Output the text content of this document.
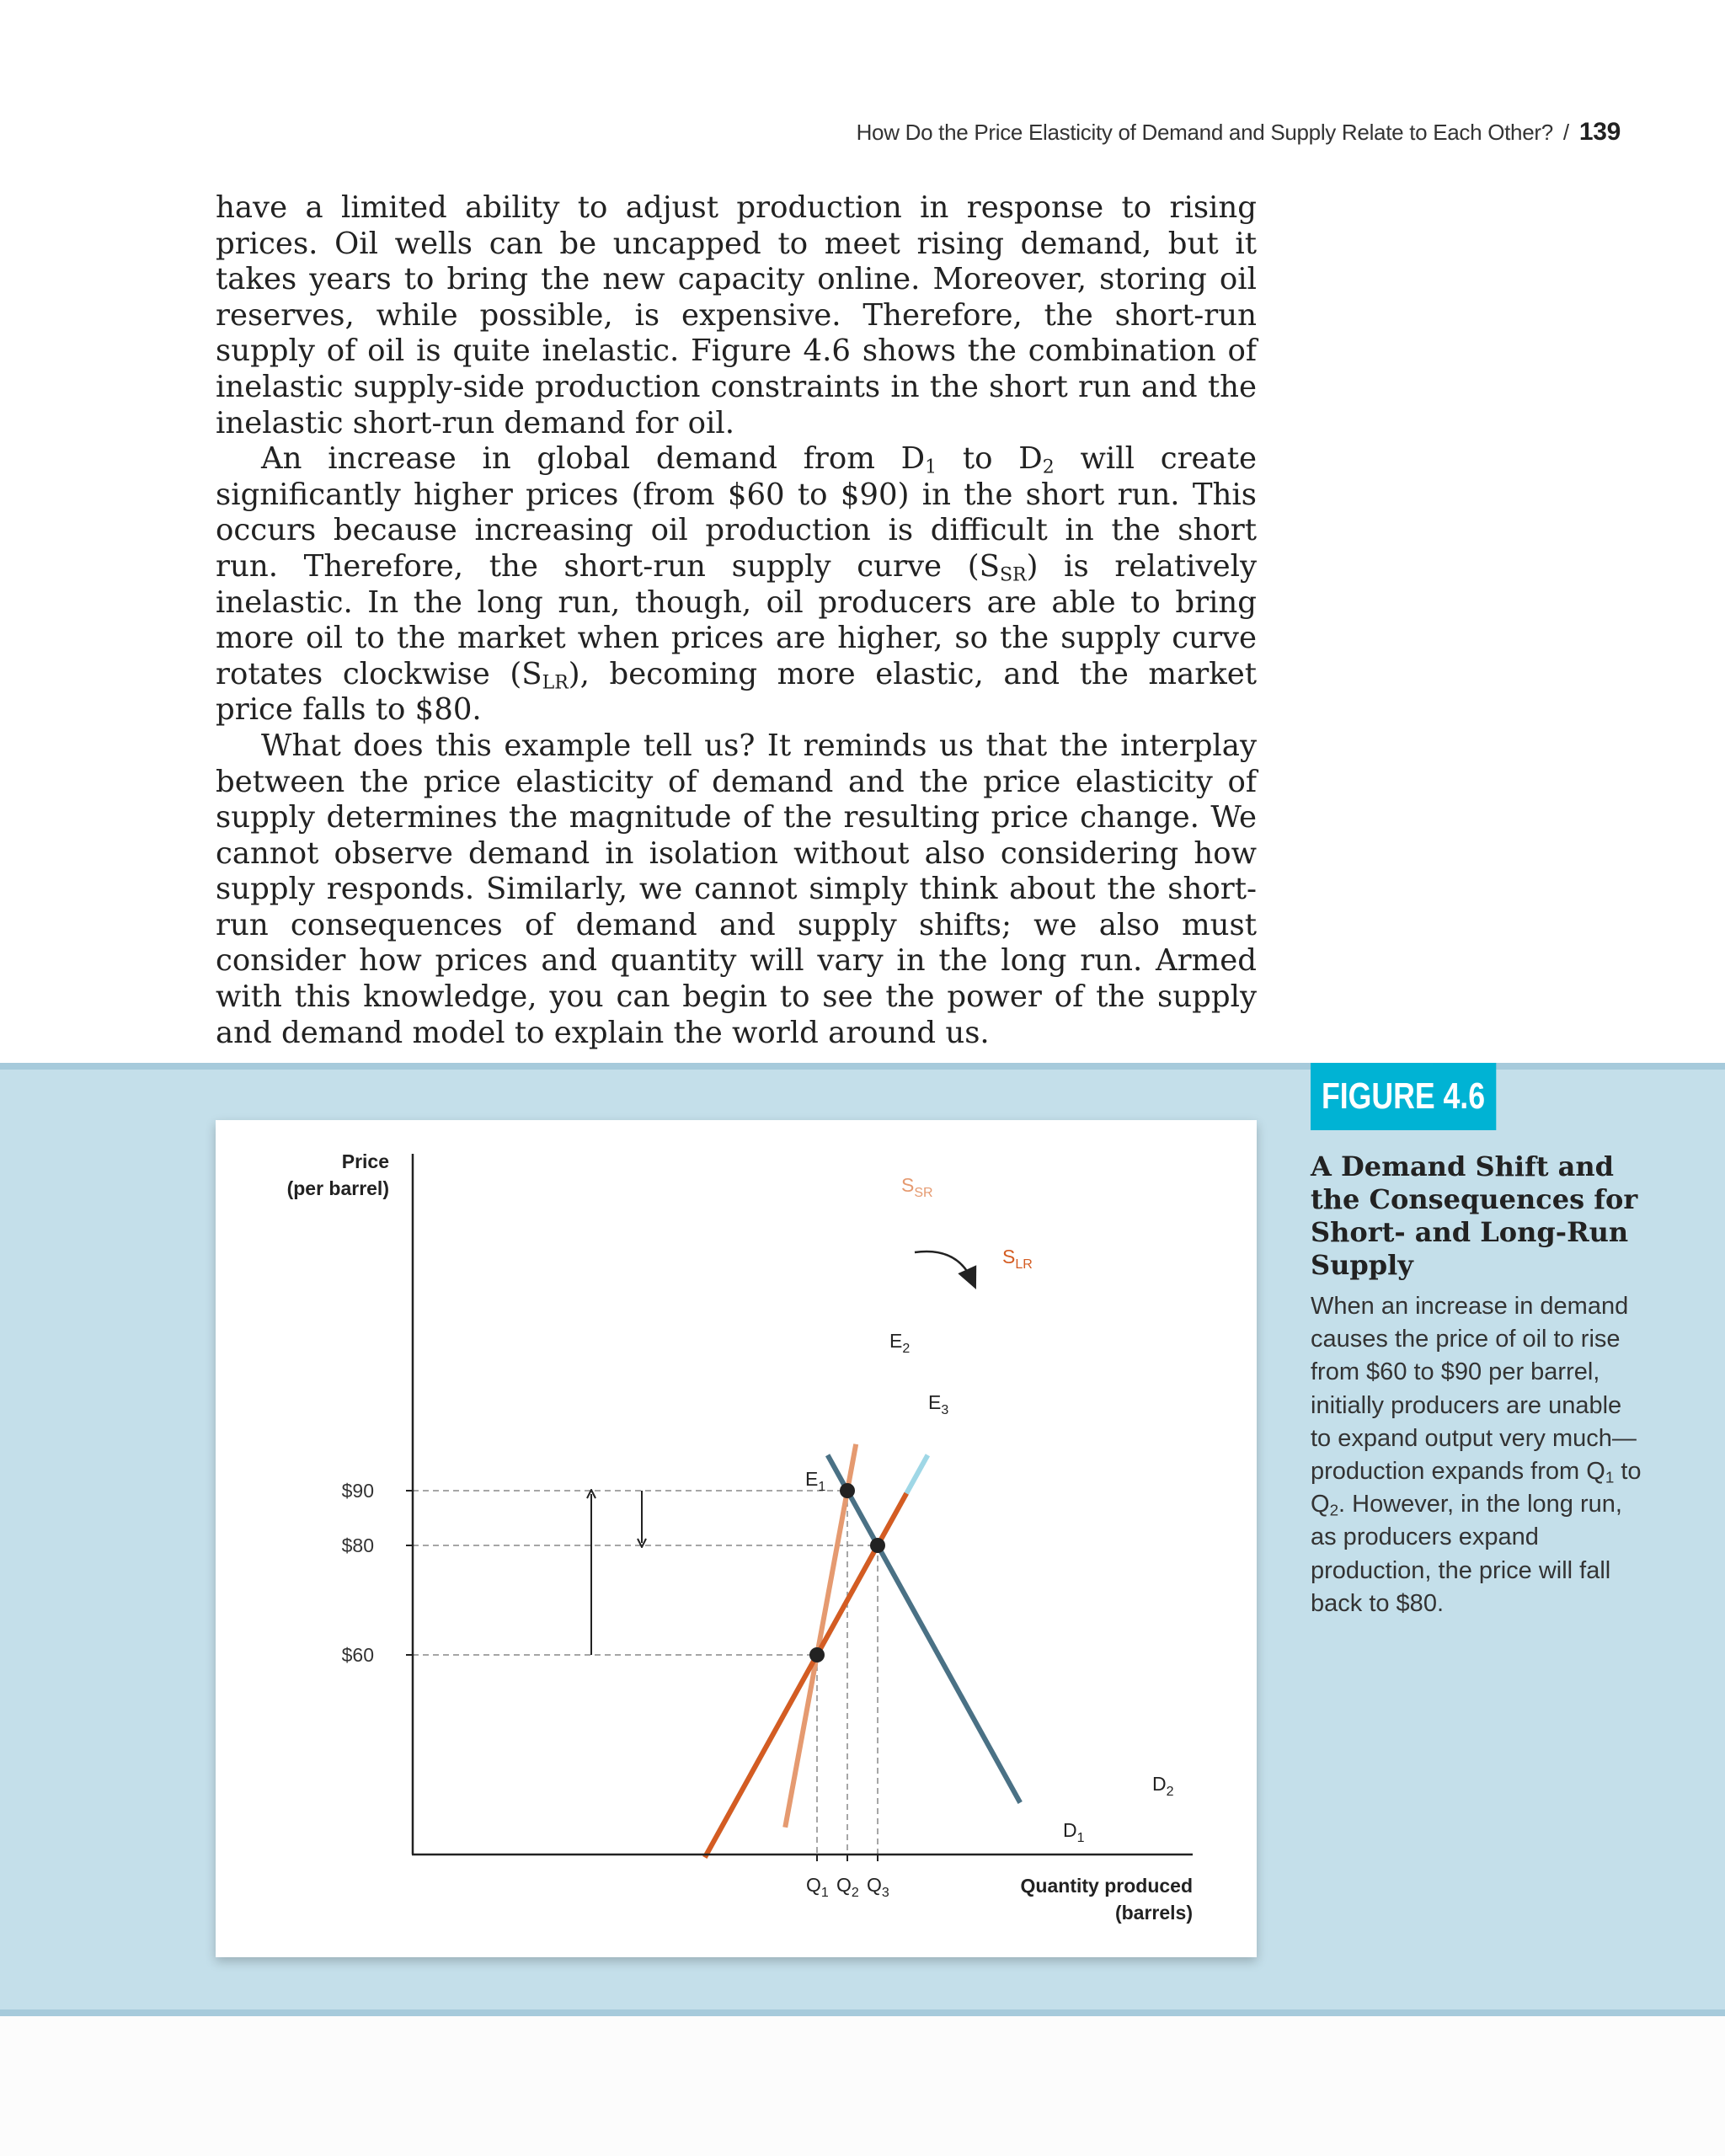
How Do the Price Elasticity of Demand and Supply Relate to Each Other? / 139

have a limited ability to adjust production in response to rising prices. Oil wells can be uncapped to meet rising demand, but it takes years to bring the new capacity online. Moreover, storing oil reserves, while possible, is expensive. Therefore, the short-run supply of oil is quite inelastic. Figure 4.6 shows the combination of inelastic supply-side production constraints in the short run and the inelastic short-run demand for oil.

An increase in global demand from $D_1$ to $D_2$ will create significantly higher prices (from $60 to $90) in the short run. This occurs because increasing oil production is difficult in the short run. Therefore, the short-run supply curve $(S_{SR})$ is relatively inelastic. In the long run, though, oil producers are able to bring more oil to the market when prices are higher, so the supply curve rotates clockwise $(S_{LR})$, becoming more elastic, and the market price falls to $80.

What does this example tell us? It reminds us that the interplay between the price elasticity of demand and the price elasticity of supply determines the magnitude of the resulting price change. We cannot observe demand in isolation without also considering how supply responds. Similarly, we cannot simply think about the short-run consequences of demand and supply shifts; we also must consider how prices and quantity will vary in the long run. Armed with this knowledge, you can begin to see the power of the supply and demand model to explain the world around us.

FIGURE 4.6
A Demand Shift and the Consequences for Short- and Long-Run Supply
When an increase in demand causes the price of oil to rise from $60 to $90 per barrel, initially producers are unable to expand output very much—production expands from $Q_1$ to $Q_2$. However, in the long run, as producers expand production, the price will fall back to $80.
Price
(per barrel)
Quantity produced
(barrels)
$90
$80
$60
$Q_1$ $Q_2$ $Q_3$
$D_1$
$D_2$
$S_{SR}$
$S_{LR}$
$E_1$
$E_2$
$E_3$
